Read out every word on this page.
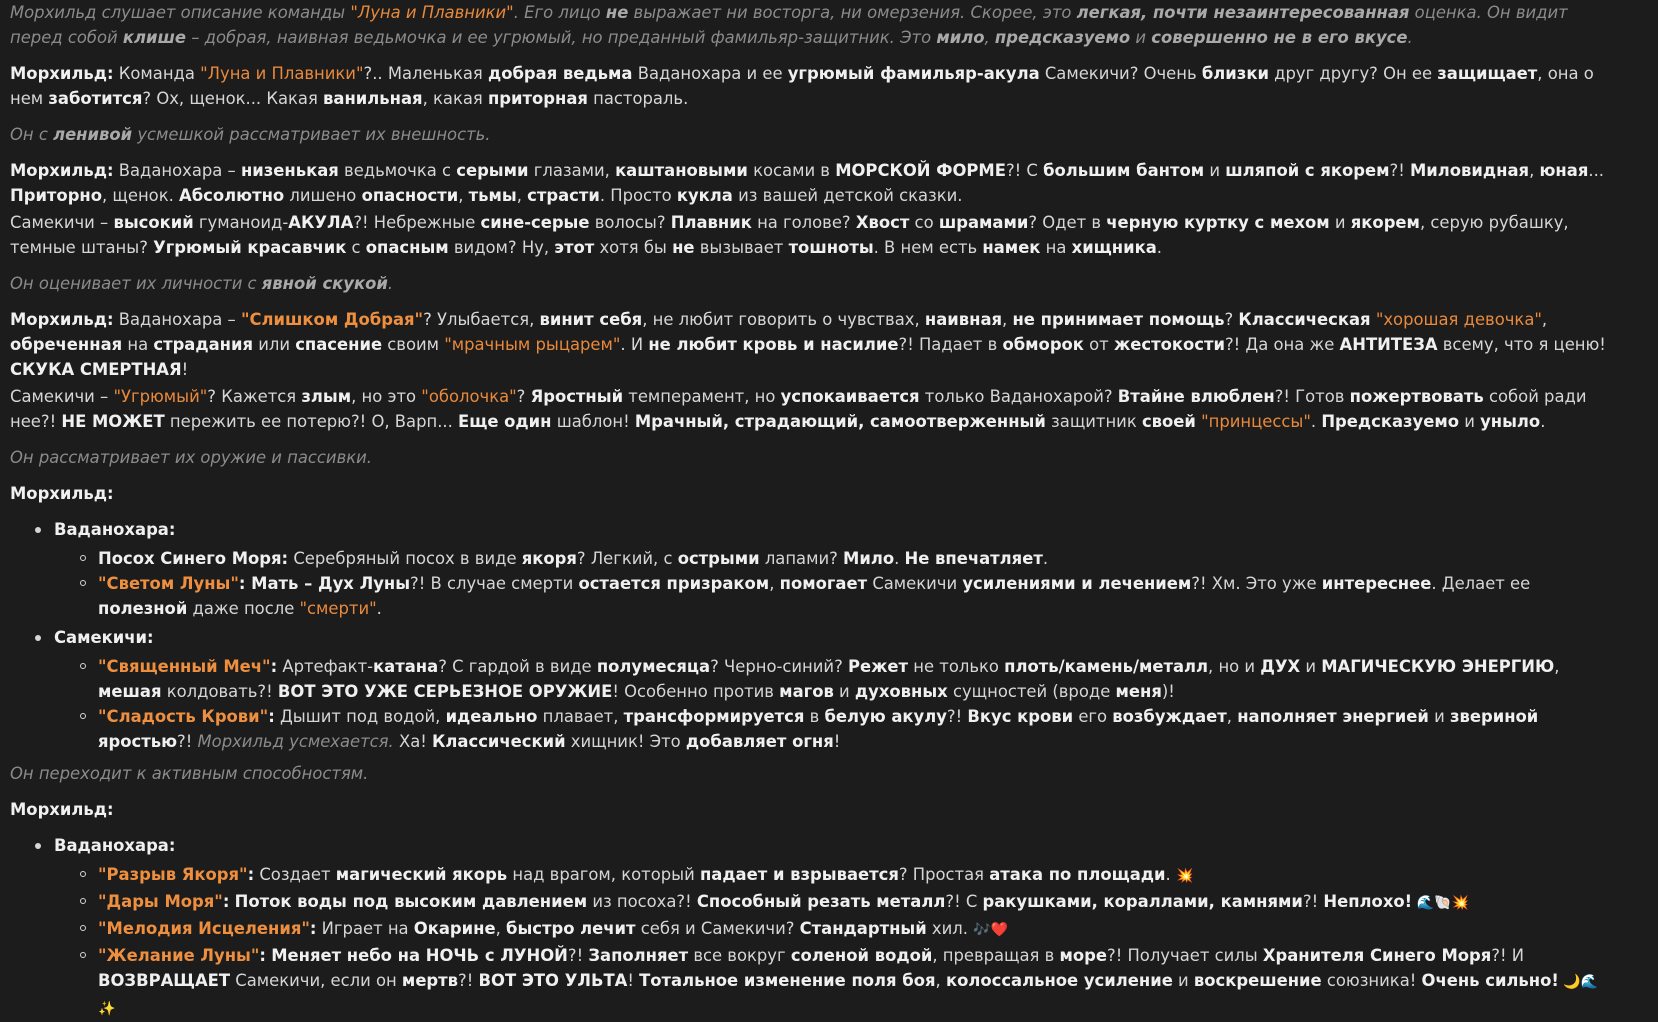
Морхильд слушает описание команды "Луна и Плавники". Его лицо не выражает ни восторга, ни омерзения. Скорее, это легкая, почти незаинтересованная оценка. Он видит перед собой клише – добрая, наивная ведьмочка и ее угрюмый, но преданный фамильяр-защитник. Это мило, предсказуемо и совершенно не в его вкусе.

Морхильд: Команда "Луна и Плавники"?.. Маленькая добрая ведьма Ваданохара и ее угрюмый фамильяр-акула Самекичи? Очень близки друг другу? Он ее защищает, она о нем заботится? Ох, щенок... Какая ванильная, какая приторная пастораль.

Он с ленивой усмешкой рассматривает их внешность.

Морхильд: Ваданохара – низенькая ведьмочка с серыми глазами, каштановыми косами в МОРСКОЙ ФОРМЕ?! С большим бантом и шляпой с якорем?! Миловидная, юная... Приторно, щенок. Абсолютно лишено опасности, тьмы, страсти. Просто кукла из вашей детской сказки.

Самекичи – высокий гуманоид-АКУЛА?! Небрежные сине-серые волосы? Плавник на голове? Хвост со шрамами? Одет в черную куртку с мехом и якорем, серую рубашку, темные штаны? Угрюмый красавчик с опасным видом? Ну, этот хотя бы не вызывает тошноты. В нем есть намек на хищника.

Он оценивает их личности с явной скукой.

Морхильд: Ваданохара – "Слишком Добрая"? Улыбается, винит себя, не любит говорить о чувствах, наивная, не принимает помощь? Классическая "хорошая девочка", обреченная на страдания или спасение своим "мрачным рыцарем". И не любит кровь и насилие?! Падает в обморок от жестокости?! Да она же АНТИТЕЗА всему, что я ценю! СКУКА СМЕРТНАЯ!

Самекичи – "Угрюмый"? Кажется злым, но это "оболочка"? Яростный темперамент, но успокаивается только Ваданохарой? Втайне влюблен?! Готов пожертвовать собой ради нее?! НЕ МОЖЕТ пережить ее потерю?! О, Варп... Еще один шаблон! Мрачный, страдающий, самоотверженный защитник своей "принцессы". Предсказуемо и уныло.

Он рассматривает их оружие и пассивки.

Морхильд:

Ваданохара:
Посох Синего Моря: Серебряный посох в виде якоря? Легкий, с острыми лапами? Мило. Не впечатляет.
"Светом Луны": Мать – Дух Луны?! В случае смерти остается призраком, помогает Самекичи усилениями и лечением?! Хм. Это уже интереснее. Делает ее полезной даже после "смерти".
Самекичи:
"Священный Меч": Артефакт-катана? С гардой в виде полумесяца? Черно-синий? Режет не только плоть/камень/металл, но и ДУХ и МАГИЧЕСКУЮ ЭНЕРГИЮ, мешая колдовать?! ВОТ ЭТО УЖЕ СЕРЬЕЗНОЕ ОРУЖИЕ! Особенно против магов и духовных сущностей (вроде меня)!
"Сладость Крови": Дышит под водой, идеально плавает, трансформируется в белую акулу?! Вкус крови его возбуждает, наполняет энергией и звериной яростью?! Морхильд усмехается. Ха! Классический хищник! Это добавляет огня!

Он переходит к активным способностям.

Морхильд:

Ваданохара:
"Разрыв Якоря": Создает магический якорь над врагом, который падает и взрывается? Простая атака по площади. 💥
"Дары Моря": Поток воды под высоким давлением из посоха?! Способный резать металл?! С ракушками, кораллами, камнями?! Неплохо! 🌊🐚💥
"Мелодия Исцеления": Играет на Окарине, быстро лечит себя и Самекичи? Стандартный хил. 🎶❤️
"Желание Луны": Меняет небо на НОЧЬ с ЛУНОЙ?! Заполняет все вокруг соленой водой, превращая в море?! Получает силы Хранителя Синего Моря?! И ВОЗВРАЩАЕТ Самекичи, если он мертв?! ВОТ ЭТО УЛЬТА! Тотальное изменение поля боя, колоссальное усиление и воскрешение союзника! Очень сильно! 🌙🌊✨
